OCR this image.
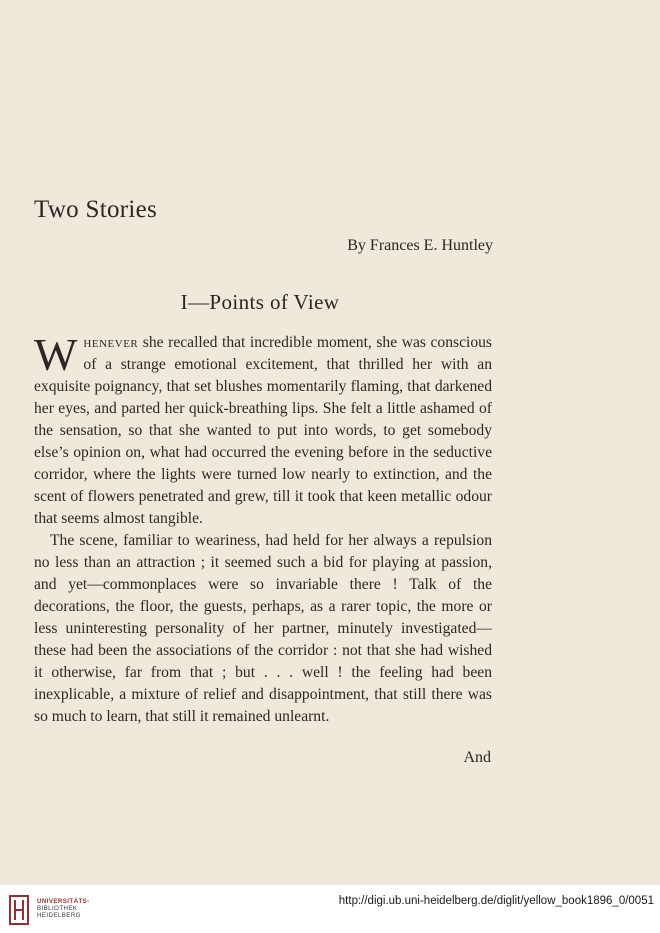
Two Stories
By Frances E. Huntley
I—Points of View

Whenever she recalled that incredible moment, she was conscious of a strange emotional excitement, that thrilled her with an exquisite poignancy, that set blushes momentarily flaming, that darkened her eyes, and parted her quick-breathing lips. She felt a little ashamed of the sensation, so that she wanted to put into words, to get somebody else’s opinion on, what had occurred the evening before in the seductive corridor, where the lights were turned low nearly to extinction, and the scent of flowers penetrated and grew, till it took that keen metallic odour that seems almost tangible.

The scene, familiar to weariness, had held for her always a repulsion no less than an attraction ; it seemed such a bid for playing at passion, and yet—commonplaces were so invariable there ! Talk of the decorations, the floor, the guests, perhaps, as a rarer topic, the more or less uninteresting personality of her partner, minutely investigated—these had been the associations of the corridor : not that she had wished it otherwise, far from that ; but . . . well ! the feeling had been inexplicable, a mixture of relief and disappointment, that still there was so much to learn, that still it remained unlearnt.

And
UNIVERSITÄTS-
BIBLIOTHEK
HEIDELBERG
http://digi.ub.uni-heidelberg.de/diglit/yellow_book1896_0/0051
